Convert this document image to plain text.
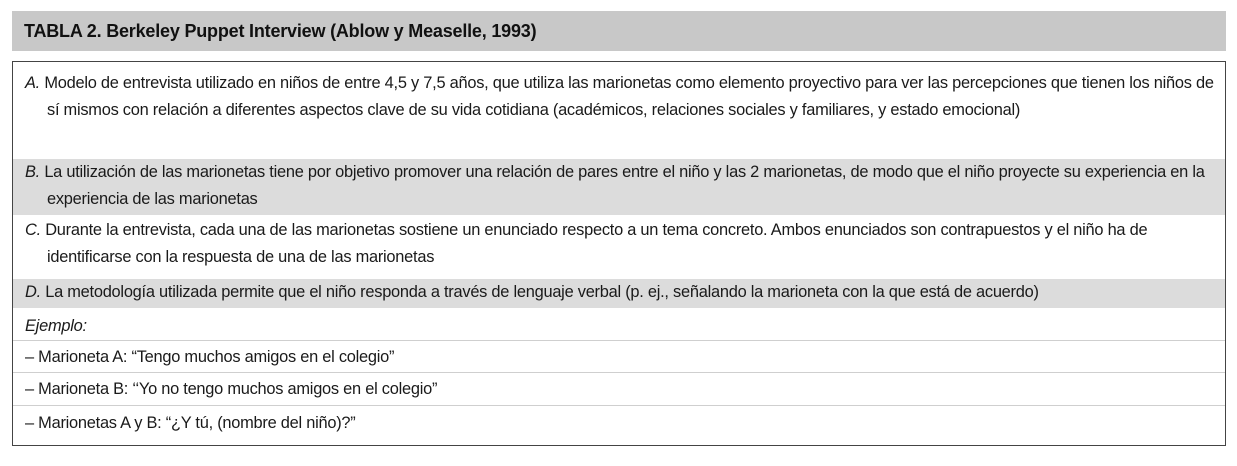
TABLA 2. Berkeley Puppet Interview (Ablow y Measelle, 1993)
A. Modelo de entrevista utilizado en niños de entre 4,5 y 7,5 años, que utiliza las marionetas como elemento proyectivo para ver las percepciones que tienen los niños de sí mismos con relación a diferentes aspectos clave de su vida cotidiana (académicos, relaciones sociales y familiares, y estado emocional)
B. La utilización de las marionetas tiene por objetivo promover una relación de pares entre el niño y las 2 marionetas, de modo que el niño proyecte su experiencia en la experiencia de las marionetas
C. Durante la entrevista, cada una de las marionetas sostiene un enunciado respecto a un tema concreto. Ambos enunciados son contrapuestos y el niño ha de identificarse con la respuesta de una de las marionetas
D. La metodología utilizada permite que el niño responda a través de lenguaje verbal (p. ej., señalando la marioneta con la que está de acuerdo)
Ejemplo:
– Marioneta A: “Tengo muchos amigos en el colegio”
– Marioneta B: ‘‘Yo no tengo muchos amigos en el colegio”
– Marionetas A y B: “¿Y tú, (nombre del niño)?”
